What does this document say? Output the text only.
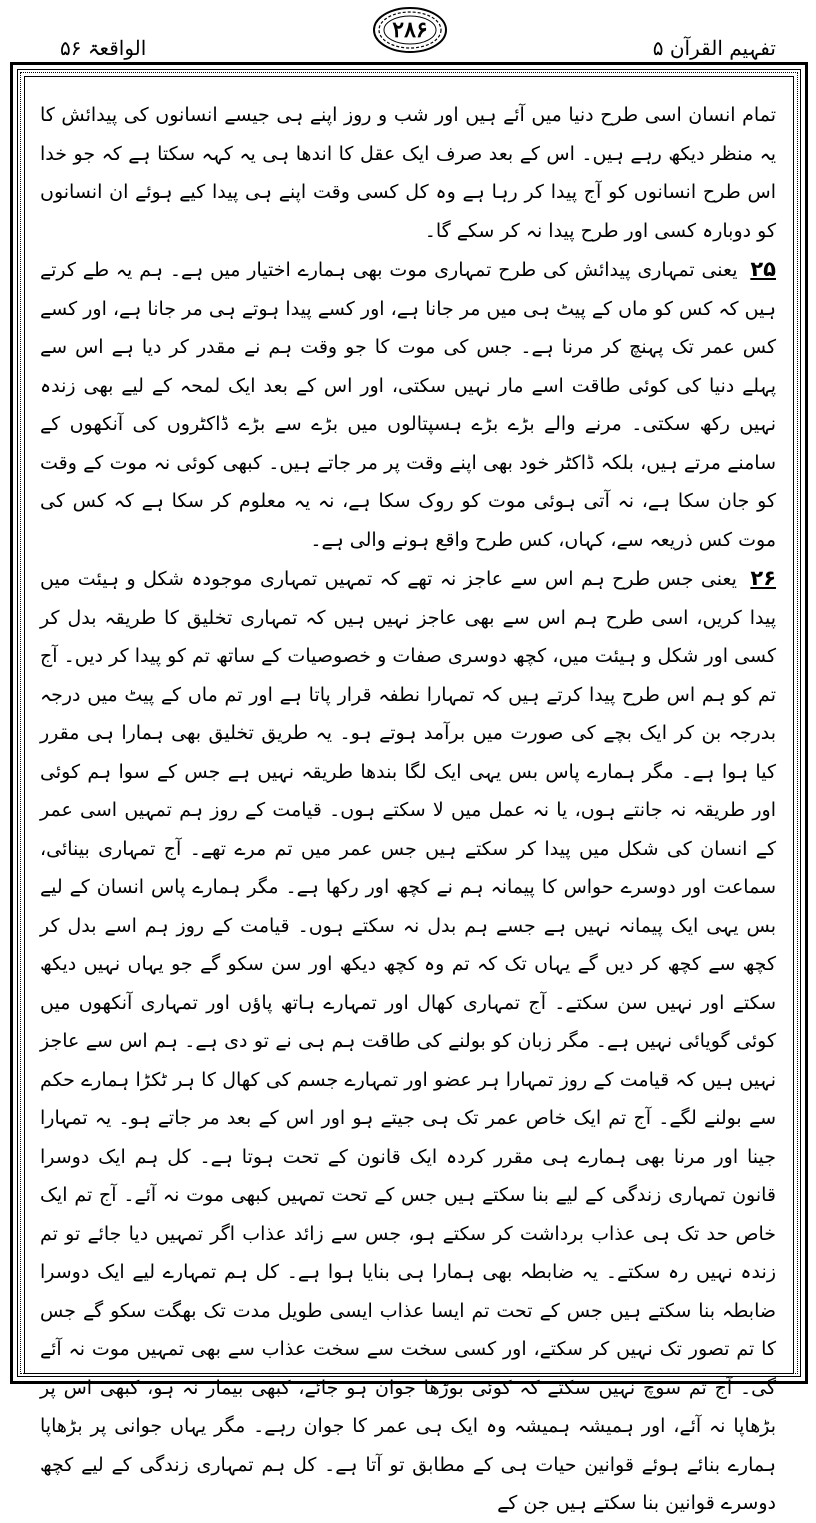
تفہیم القرآن ۵
۲۸۶
الواقعۃ ۵۶

تمام انسان اسی طرح دنیا میں آئے ہیں اور شب و روز اپنے ہی جیسے انسانوں کی پیدائش کا یہ منظر دیکھ رہے ہیں۔ اس کے بعد صرف ایک عقل کا اندھا ہی یہ کہہ سکتا ہے کہ جو خدا اس طرح انسانوں کو آج پیدا کر رہا ہے وہ کل کسی وقت اپنے ہی پیدا کیے ہوئے ان انسانوں کو دوبارہ کسی اور طرح پیدا نہ کر سکے گا۔

۲۵ یعنی تمہاری پیدائش کی طرح تمہاری موت بھی ہمارے اختیار میں ہے۔ ہم یہ طے کرتے ہیں کہ کس کو ماں کے پیٹ ہی میں مر جانا ہے، اور کسے پیدا ہوتے ہی مر جانا ہے، اور کسے کس عمر تک پہنچ کر مرنا ہے۔ جس کی موت کا جو وقت ہم نے مقدر کر دیا ہے اس سے پہلے دنیا کی کوئی طاقت اسے مار نہیں سکتی، اور اس کے بعد ایک لمحہ کے لیے بھی زندہ نہیں رکھ سکتی۔ مرنے والے بڑے بڑے ہسپتالوں میں بڑے سے بڑے ڈاکٹروں کی آنکھوں کے سامنے مرتے ہیں، بلکہ ڈاکٹر خود بھی اپنے وقت پر مر جاتے ہیں۔ کبھی کوئی نہ موت کے وقت کو جان سکا ہے، نہ آتی ہوئی موت کو روک سکا ہے، نہ یہ معلوم کر سکا ہے کہ کس کی موت کس ذریعہ سے، کہاں، کس طرح واقع ہونے والی ہے۔

۲۶ یعنی جس طرح ہم اس سے عاجز نہ تھے کہ تمہیں تمہاری موجودہ شکل و ہیئت میں پیدا کریں، اسی طرح ہم اس سے بھی عاجز نہیں ہیں کہ تمہاری تخلیق کا طریقہ بدل کر کسی اور شکل و ہیئت میں، کچھ دوسری صفات و خصوصیات کے ساتھ تم کو پیدا کر دیں۔ آج تم کو ہم اس طرح پیدا کرتے ہیں کہ تمہارا نطفہ قرار پاتا ہے اور تم ماں کے پیٹ میں درجہ بدرجہ بن کر ایک بچے کی صورت میں برآمد ہوتے ہو۔ یہ طریق تخلیق بھی ہمارا ہی مقرر کیا ہوا ہے۔ مگر ہمارے پاس بس یہی ایک لگا بندھا طریقہ نہیں ہے جس کے سوا ہم کوئی اور طریقہ نہ جانتے ہوں، یا نہ عمل میں لا سکتے ہوں۔ قیامت کے روز ہم تمہیں اسی عمر کے انسان کی شکل میں پیدا کر سکتے ہیں جس عمر میں تم مرے تھے۔ آج تمہاری بینائی، سماعت اور دوسرے حواس کا پیمانہ ہم نے کچھ اور رکھا ہے۔ مگر ہمارے پاس انسان کے لیے بس یہی ایک پیمانہ نہیں ہے جسے ہم بدل نہ سکتے ہوں۔ قیامت کے روز ہم اسے بدل کر کچھ سے کچھ کر دیں گے یہاں تک کہ تم وہ کچھ دیکھ اور سن سکو گے جو یہاں نہیں دیکھ سکتے اور نہیں سن سکتے۔ آج تمہاری کھال اور تمہارے ہاتھ پاؤں اور تمہاری آنکھوں میں کوئی گویائی نہیں ہے۔ مگر زبان کو بولنے کی طاقت ہم ہی نے تو دی ہے۔ ہم اس سے عاجز نہیں ہیں کہ قیامت کے روز تمہارا ہر عضو اور تمہارے جسم کی کھال کا ہر ٹکڑا ہمارے حکم سے بولنے لگے۔ آج تم ایک خاص عمر تک ہی جیتے ہو اور اس کے بعد مر جاتے ہو۔ یہ تمہارا جینا اور مرنا بھی ہمارے ہی مقرر کردہ ایک قانون کے تحت ہوتا ہے۔ کل ہم ایک دوسرا قانون تمہاری زندگی کے لیے بنا سکتے ہیں جس کے تحت تمہیں کبھی موت نہ آئے۔ آج تم ایک خاص حد تک ہی عذاب برداشت کر سکتے ہو، جس سے زائد عذاب اگر تمہیں دیا جائے تو تم زندہ نہیں رہ سکتے۔ یہ ضابطہ بھی ہمارا ہی بنایا ہوا ہے۔ کل ہم تمہارے لیے ایک دوسرا ضابطہ بنا سکتے ہیں جس کے تحت تم ایسا عذاب ایسی طویل مدت تک بھگت سکو گے جس کا تم تصور تک نہیں کر سکتے، اور کسی سخت سے سخت عذاب سے بھی تمہیں موت نہ آئے گی۔ آج تم سوچ نہیں سکتے کہ کوئی بوڑھا جوان ہو جائے، کبھی بیمار نہ ہو، کبھی اس پر بڑھاپا نہ آئے، اور ہمیشہ ہمیشہ وہ ایک ہی عمر کا جوان رہے۔ مگر یہاں جوانی پر بڑھاپا ہمارے بنائے ہوئے قوانین حیات ہی کے مطابق تو آتا ہے۔ کل ہم تمہاری زندگی کے لیے کچھ دوسرے قوانین بنا سکتے ہیں جن کے
